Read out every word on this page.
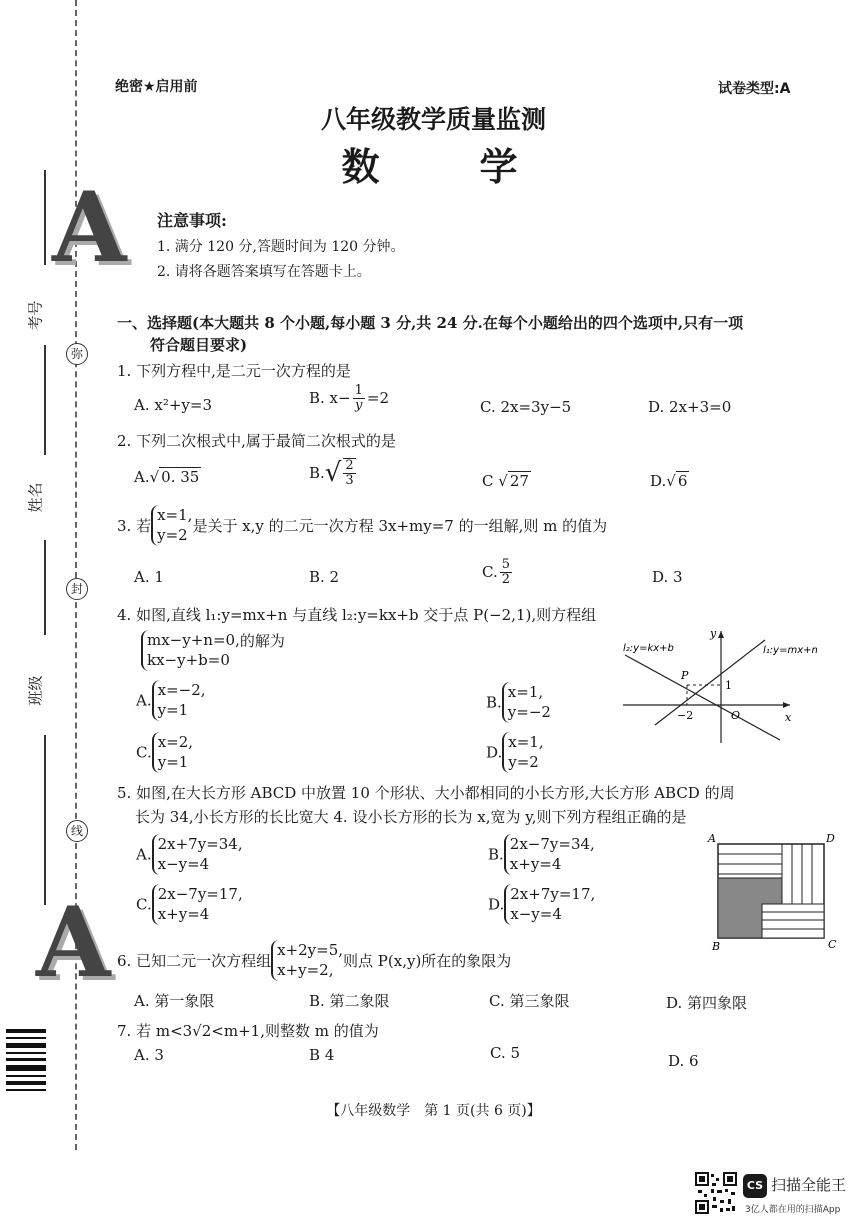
A
A
考号
姓名
班级
弥
封
线
绝密★启用前	试卷类型:A
八年级教学质量监测
数　　学
注意事项:
1. 满分 120 分,答题时间为 120 分钟。
2. 请将各题答案填写在答题卡上。
一、选择题(本大题共 8 个小题,每小题 3 分,共 24 分.在每个小题给出的四个选项中,只有一项
符合题目要求)
1. 下列方程中,是二元一次方程的是
A. x²+y=3	B. $x- \frac{1}{y} =2$	C. 2x=3y−5	D. 2x+3=0
2. 下列二次根式中,属于最简二次根式的是
A.√ 0. 35	$B.√ \frac{2}{3}$	C √ 27	D.√ 6
3. 若
x=1,
y=2
是关于 x,y 的二元一次方程 3x+my=7 的一组解,则 m 的值为
A. 1	B. 2	C. $\frac{5}{2}$	D. 3
4. 如图,直线 l₁:y=mx+n 与直线 l₂:y=kx+b 交于点 P(−2,1),则方程组
mx−y+n=0,
kx−y+b=0
的解为
A.
x=−2,
y=1	B.
x=1,
y=−2
C.
x=2,
y=1
D.
x=1,
y=2
l₂:y=kx+b	l₁:y=mx+n
y
x
P
1
−2	O
5. 如图,在大长方形 ABCD 中放置 10 个形状、大小都相同的小长方形,大长方形 ABCD 的周
长为 34,小长方形的长比宽大 4. 设小长方形的长为 x,宽为 y,则下列方程组正确的是
A.
2x+7y=34,
x−y=4
B.
2x−7y=34,
x+y=4
C.
2x−7y=17,
x+y=4
D.
2x+7y=17,
x−y=4
A	D
B	C
6. 已知二元一次方程组
x+2y=5,
x+y=2,
则点 P(x,y)所在的象限为
A. 第一象限	B. 第二象限	C. 第三象限	D. 第四象限
7. 若 m<3√2<m+1,则整数 m 的值为
A. 3	B 4	C. 5	D. 6
【八年级数学　第 1 页(共 6 页)】
CS 扫描全能王
3亿人都在用的扫描App
